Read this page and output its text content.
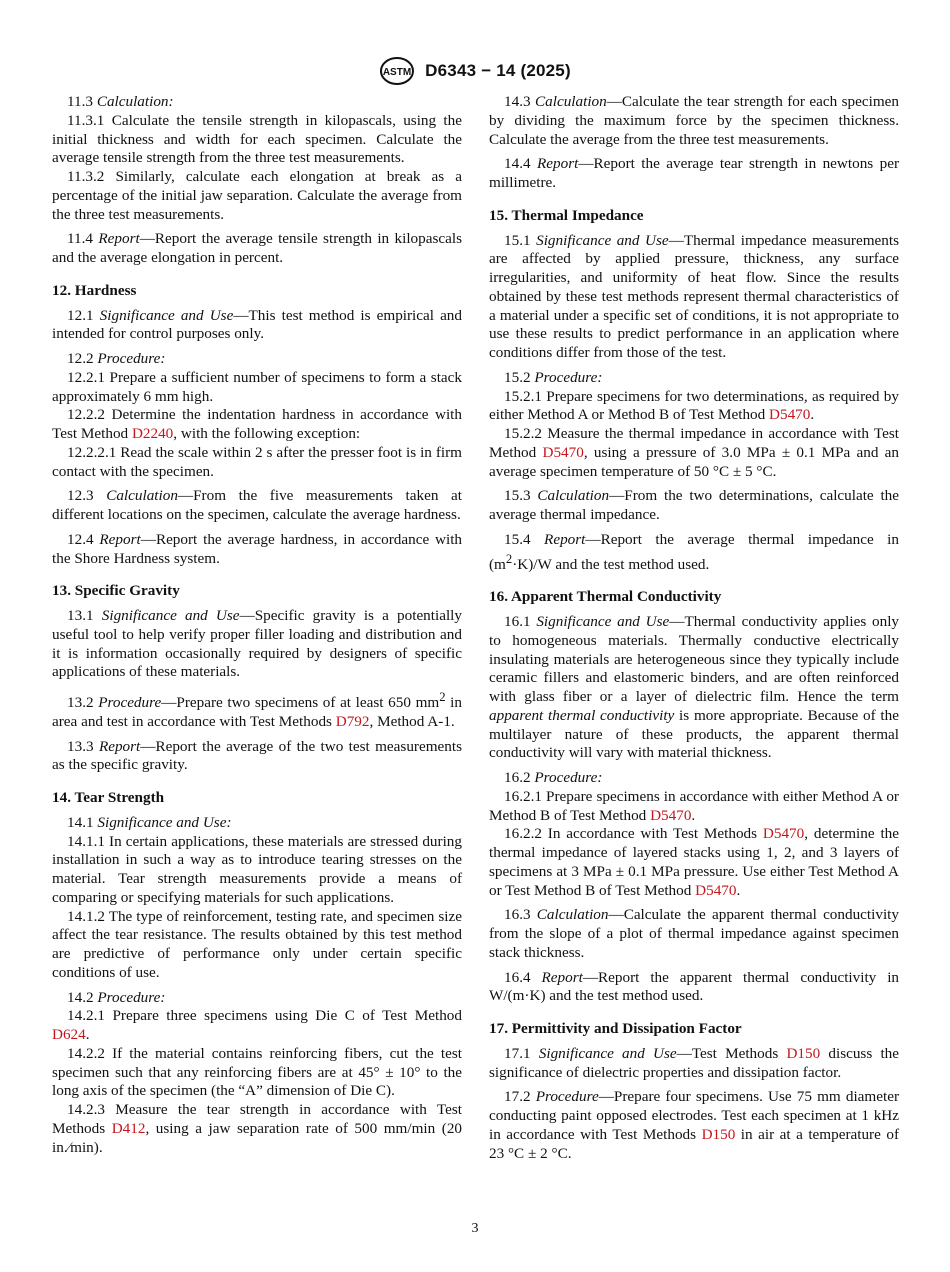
ASTM D6343 − 14 (2025)

11.3 Calculation:

11.3.1 Calculate the tensile strength in kilopascals, using the initial thickness and width for each specimen. Calculate the average tensile strength from the three test measurements.

11.3.2 Similarly, calculate each elongation at break as a percentage of the initial jaw separation. Calculate the average from the three test measurements.

11.4 Report—Report the average tensile strength in kilopascals and the average elongation in percent.

12. Hardness

12.1 Significance and Use—This test method is empirical and intended for control purposes only.

12.2 Procedure:

12.2.1 Prepare a sufficient number of specimens to form a stack approximately 6 mm high.

12.2.2 Determine the indentation hardness in accordance with Test Method D2240, with the following exception:

12.2.2.1 Read the scale within 2 s after the presser foot is in firm contact with the specimen.

12.3 Calculation—From the five measurements taken at different locations on the specimen, calculate the average hardness.

12.4 Report—Report the average hardness, in accordance with the Shore Hardness system.

13. Specific Gravity

13.1 Significance and Use—Specific gravity is a potentially useful tool to help verify proper filler loading and distribution and it is information occasionally required by designers of specific applications of these materials.

13.2 Procedure—Prepare two specimens of at least 650 $mm^2$ in area and test in accordance with Test Methods D792, Method A-1.

13.3 Report—Report the average of the two test measurements as the specific gravity.

14. Tear Strength

14.1 Significance and Use:

14.1.1 In certain applications, these materials are stressed during installation in such a way as to introduce tearing stresses on the material. Tear strength measurements provide a means of comparing or specifying materials for such applications.

14.1.2 The type of reinforcement, testing rate, and specimen size affect the tear resistance. The results obtained by this test method are predictive of performance only under certain specific conditions of use.

14.2 Procedure:

14.2.1 Prepare three specimens using Die C of Test Method D624.

14.2.2 If the material contains reinforcing fibers, cut the test specimen such that any reinforcing fibers are at 45° ± 10° to the long axis of the specimen (the “A” dimension of Die C).

14.2.3 Measure the tear strength in accordance with Test Methods D412, using a jaw separation rate of 500 mm/min (20 in.⁄min).

14.3 Calculation—Calculate the tear strength for each specimen by dividing the maximum force by the specimen thickness. Calculate the average from the three test measurements.

14.4 Report—Report the average tear strength in newtons per millimetre.

15. Thermal Impedance

15.1 Significance and Use—Thermal impedance measurements are affected by applied pressure, thickness, any surface irregularities, and uniformity of heat flow. Since the results obtained by these test methods represent thermal characteristics of a material under a specific set of conditions, it is not appropriate to use these results to predict performance in an application where conditions differ from those of the test.

15.2 Procedure:

15.2.1 Prepare specimens for two determinations, as required by either Method A or Method B of Test Method D5470.

15.2.2 Measure the thermal impedance in accordance with Test Method D5470, using a pressure of 3.0 MPa ± 0.1 MPa and an average specimen temperature of 50 °C ± 5 °C.

15.3 Calculation—From the two determinations, calculate the average thermal impedance.

15.4 Report—Report the average thermal impedance in $(m^2\cdot K)/W$ and the test method used.

16. Apparent Thermal Conductivity

16.1 Significance and Use—Thermal conductivity applies only to homogeneous materials. Thermally conductive electrically insulating materials are heterogeneous since they typically include ceramic fillers and elastomeric binders, and are often reinforced with glass fiber or a layer of dielectric film. Hence the term apparent thermal conductivity is more appropriate. Because of the multilayer nature of these products, the apparent thermal conductivity will vary with material thickness.

16.2 Procedure:

16.2.1 Prepare specimens in accordance with either Method A or Method B of Test Method D5470.

16.2.2 In accordance with Test Methods D5470, determine the thermal impedance of layered stacks using 1, 2, and 3 layers of specimens at 3 MPa ± 0.1 MPa pressure. Use either Test Method A or Test Method B of Test Method D5470.

16.3 Calculation—Calculate the apparent thermal conductivity from the slope of a plot of thermal impedance against specimen stack thickness.

16.4 Report—Report the apparent thermal conductivity in W/(m·K) and the test method used.

17. Permittivity and Dissipation Factor

17.1 Significance and Use—Test Methods D150 discuss the significance of dielectric properties and dissipation factor.

17.2 Procedure—Prepare four specimens. Use 75 mm diameter conducting paint opposed electrodes. Test each specimen at 1 kHz in accordance with Test Methods D150 in air at a temperature of 23 °C ± 2 °C.

3
